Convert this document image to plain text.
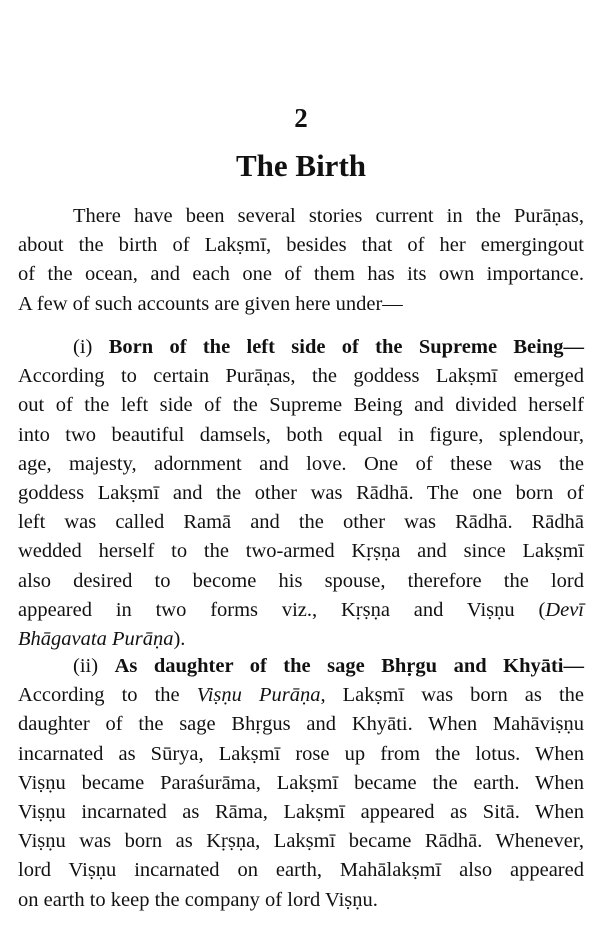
2
The Birth
There have been several stories current in the Purāṇas,
about the birth of Lakṣmī, besides that of her emergingout
of the ocean, and each one of them has its own importance.
A few of such accounts are given here under—
(i) Born of the left side of the Supreme Being—
According to certain Purāṇas, the goddess Lakṣmī emerged
out of the left side of the Supreme Being and divided herself
into two beautiful damsels, both equal in figure, splendour,
age, majesty, adornment and love. One of these was the
goddess Lakṣmī and the other was Rādhā. The one born of
left was called Ramā and the other was Rādhā. Rādhā
wedded herself to the two-armed Kṛṣṇa and since Lakṣmī
also desired to become his spouse, therefore the lord
appeared in two forms viz., Kṛṣṇa and Viṣṇu (Devī
Bhāgavata Purāṇa).
(ii) As daughter of the sage Bhṛgu and Khyāti—
According to the Viṣṇu Purāṇa, Lakṣmī was born as the
daughter of the sage Bhṛgus and Khyāti. When Mahāviṣṇu
incarnated as Sūrya, Lakṣmī rose up from the lotus. When
Viṣṇu became Paraśurāma, Lakṣmī became the earth. When
Viṣṇu incarnated as Rāma, Lakṣmī appeared as Sitā. When
Viṣṇu was born as Kṛṣṇa, Lakṣmī became Rādhā. Whenever,
lord Viṣṇu incarnated on earth, Mahālakṣmī also appeared
on earth to keep the company of lord Viṣṇu.
